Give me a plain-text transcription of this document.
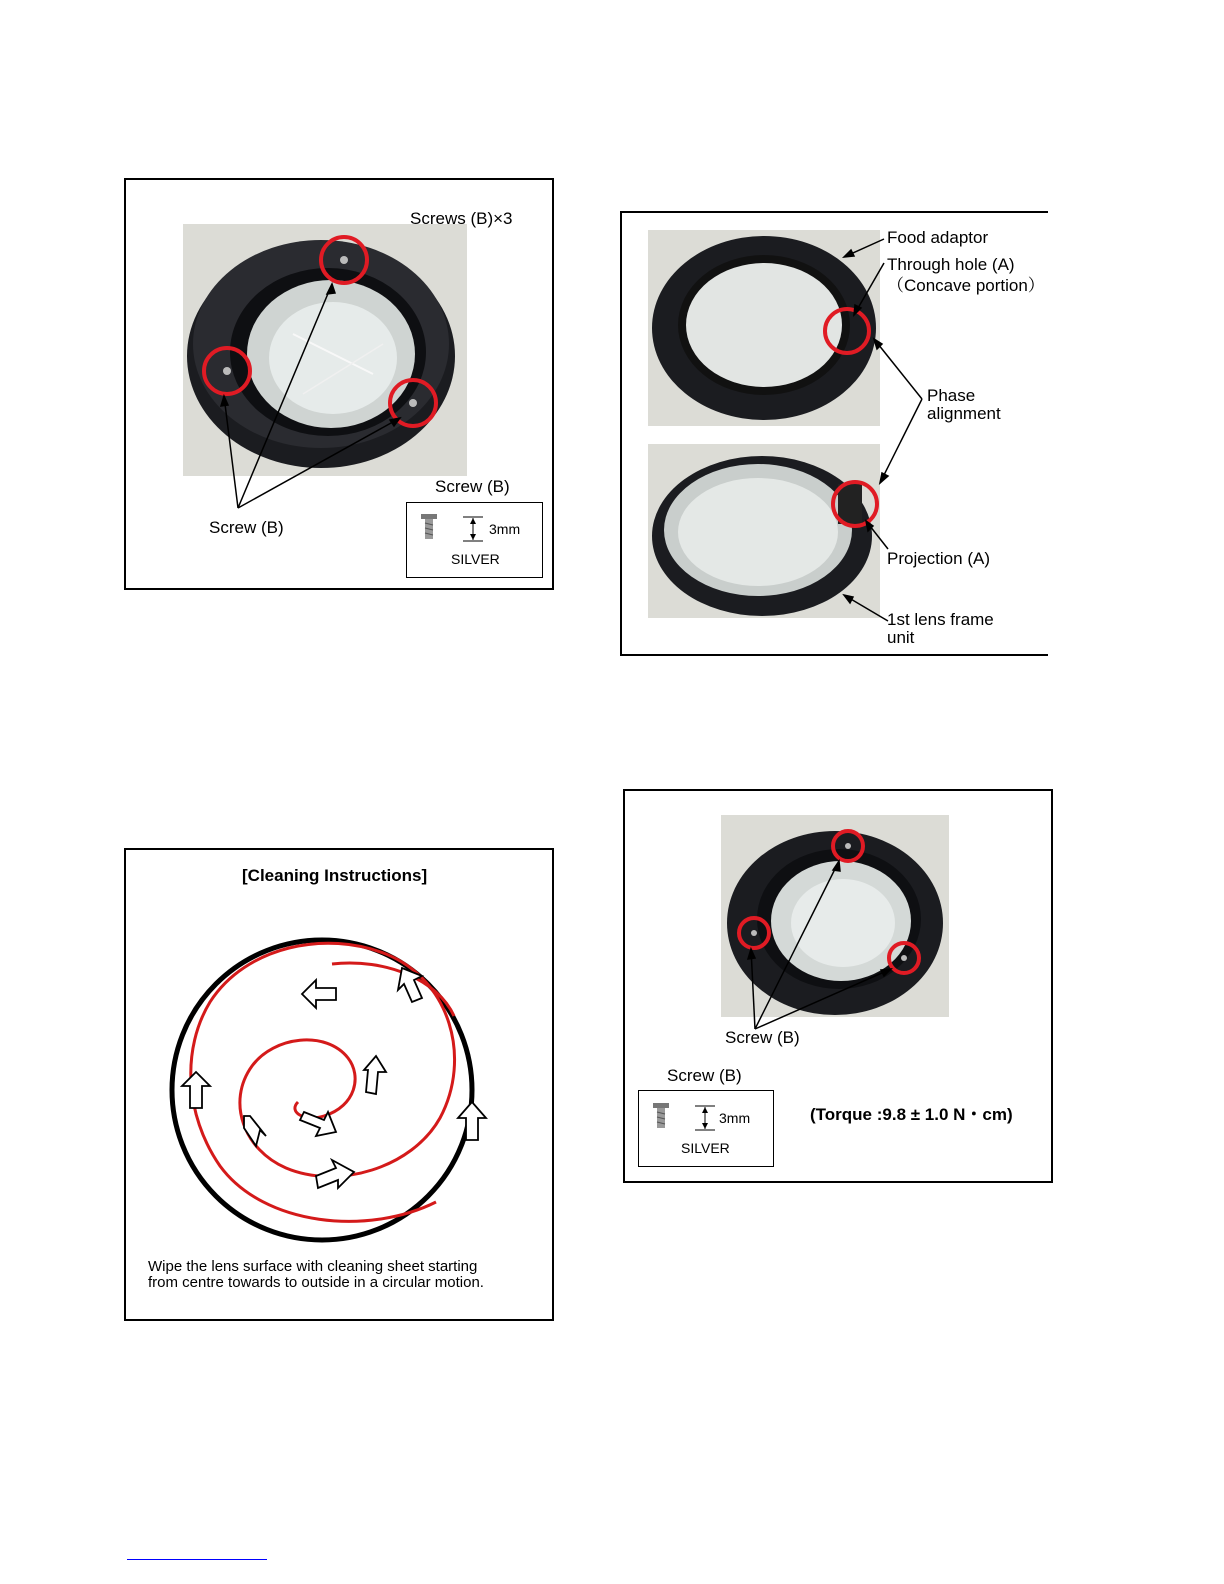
Screws (B)×3
Screw (B)
Screw (B)
3mm
SILVER
Food adaptor
Through hole (A)
（Concave portion）
Phase
alignment
Projection (A)
1st lens frame
unit
[Cleaning Instructions]
Wipe the lens surface with cleaning sheet starting
from centre towards to outside in a circular motion.
Screw (B)
Screw (B)
3mm
SILVER
(Torque :9.8 ± 1.0 N・cm)
